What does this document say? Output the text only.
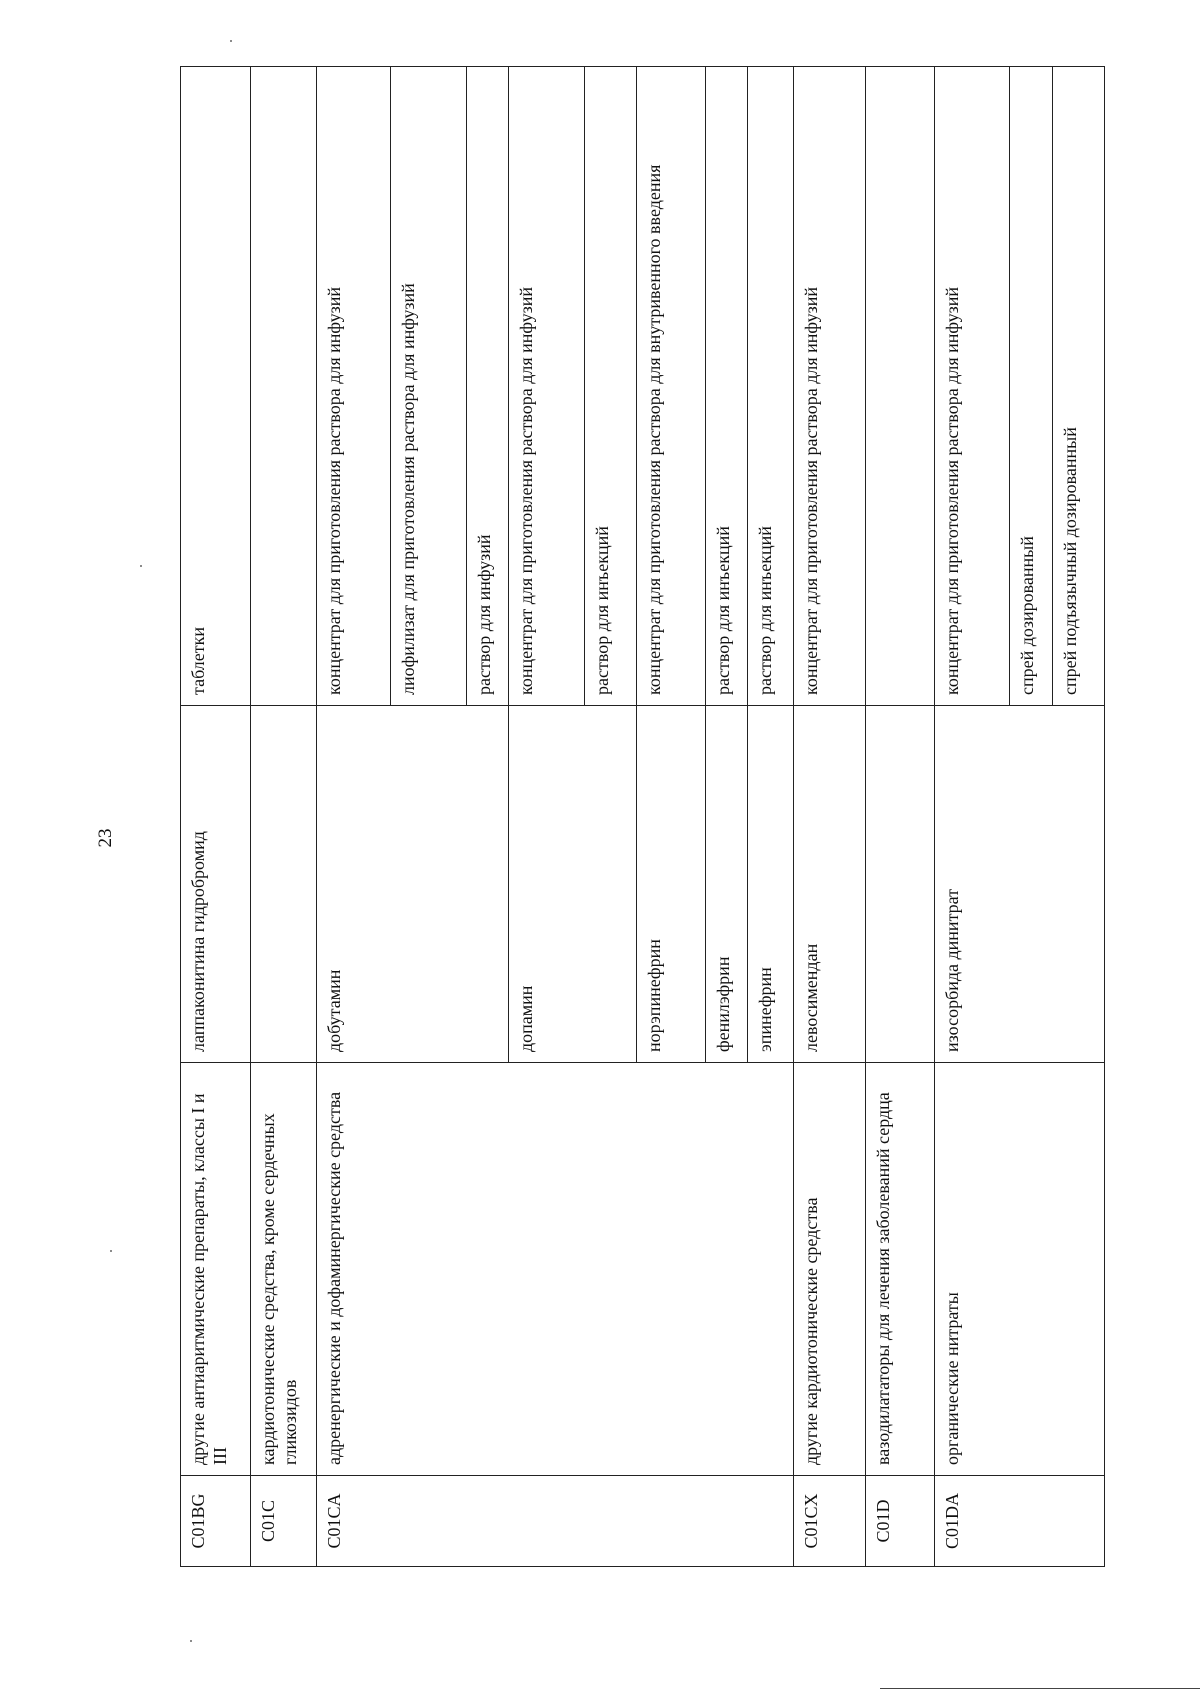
23
C01BG	другие антиаритмические препараты, классы I и III	лаппаконитина гидробромид	таблетки
C01C	кардиотонические средства, кроме сердечных гликозидов		
C01CA	адренергические и дофаминергические средства	добутамин	концентрат для приготовления раствора для инфузий
			лиофилизат для приготовления раствора для инфузий
			раствор для инфузий
		допамин	концентрат для приготовления раствора для инфузий
			раствор для инъекций
		норэпинефрин	концентрат для приготовления раствора для внутривенного введения
		фенилэфрин	раствор для инъекций
		эпинефрин	раствор для инъекций
C01CX	другие кардиотонические средства	левосимендан	концентрат для приготовления раствора для инфузий
C01D	вазодилататоры для лечения заболеваний сердца		
C01DA	органические нитраты	изосорбида динитрат	концентрат для приготовления раствора для инфузий
			спрей дозированный
			спрей подъязычный дозированный
